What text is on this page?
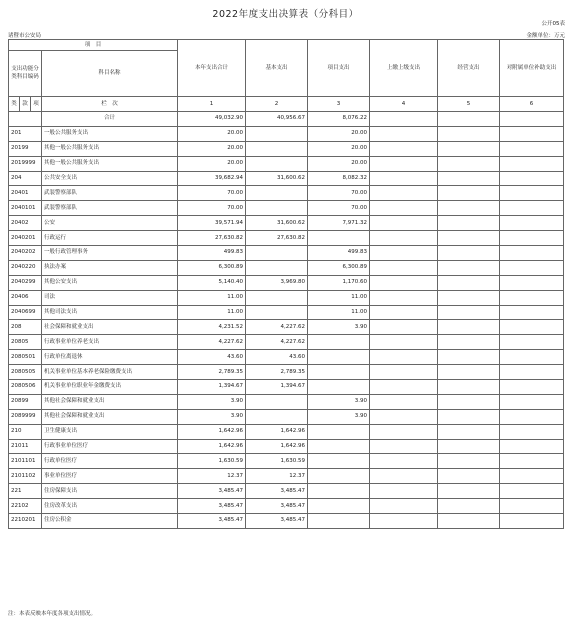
2022年度支出决算表（分科目）
公开05表
诸暨市公安局	金额单位：万元
项　目				本年支出合计	基本支出	项目支出	上缴上级支出	经营支出	对附属单位补助支出
支出功能分类科目编码			科目名称						
类	款	项	栏　次	1	2	3	4	5	6
			合计	49,032.90	40,956.67	8,076.22			
201			一般公共服务支出	20.00		20.00			
20199			其他一般公共服务支出	20.00		20.00			
2019999			其他一般公共服务支出	20.00		20.00			
204			公共安全支出	39,682.94	31,600.62	8,082.32			
20401			武装警察部队	70.00		70.00			
2040101			武装警察部队	70.00		70.00			
20402			公安	39,571.94	31,600.62	7,971.32			
2040201			行政运行	27,630.82	27,630.82				
2040202			一般行政管理事务	499.83		499.83			
2040220			执法办案	6,300.89		6,300.89			
2040299			其他公安支出	5,140.40	3,969.80	1,170.60			
20406			司法	11.00		11.00			
2040699			其他司法支出	11.00		11.00			
208			社会保障和就业支出	4,231.52	4,227.62	3.90			
20805			行政事业单位养老支出	4,227.62	4,227.62				
2080501			行政单位离退休	43.60	43.60				
2080505			机关事业单位基本养老保险缴费支出	2,789.35	2,789.35				
2080506			机关事业单位职业年金缴费支出	1,394.67	1,394.67				
20899			其他社会保障和就业支出	3.90		3.90			
2089999			其他社会保障和就业支出	3.90		3.90			
210			卫生健康支出	1,642.96	1,642.96				
21011			行政事业单位医疗	1,642.96	1,642.96				
2101101			行政单位医疗	1,630.59	1,630.59				
2101102			事业单位医疗	12.37	12.37				
221			住房保障支出	3,485.47	3,485.47				
22102			住房改革支出	3,485.47	3,485.47				
2210201			住房公积金	3,485.47	3,485.47				
注：本表反映本年度各项支出情况。
